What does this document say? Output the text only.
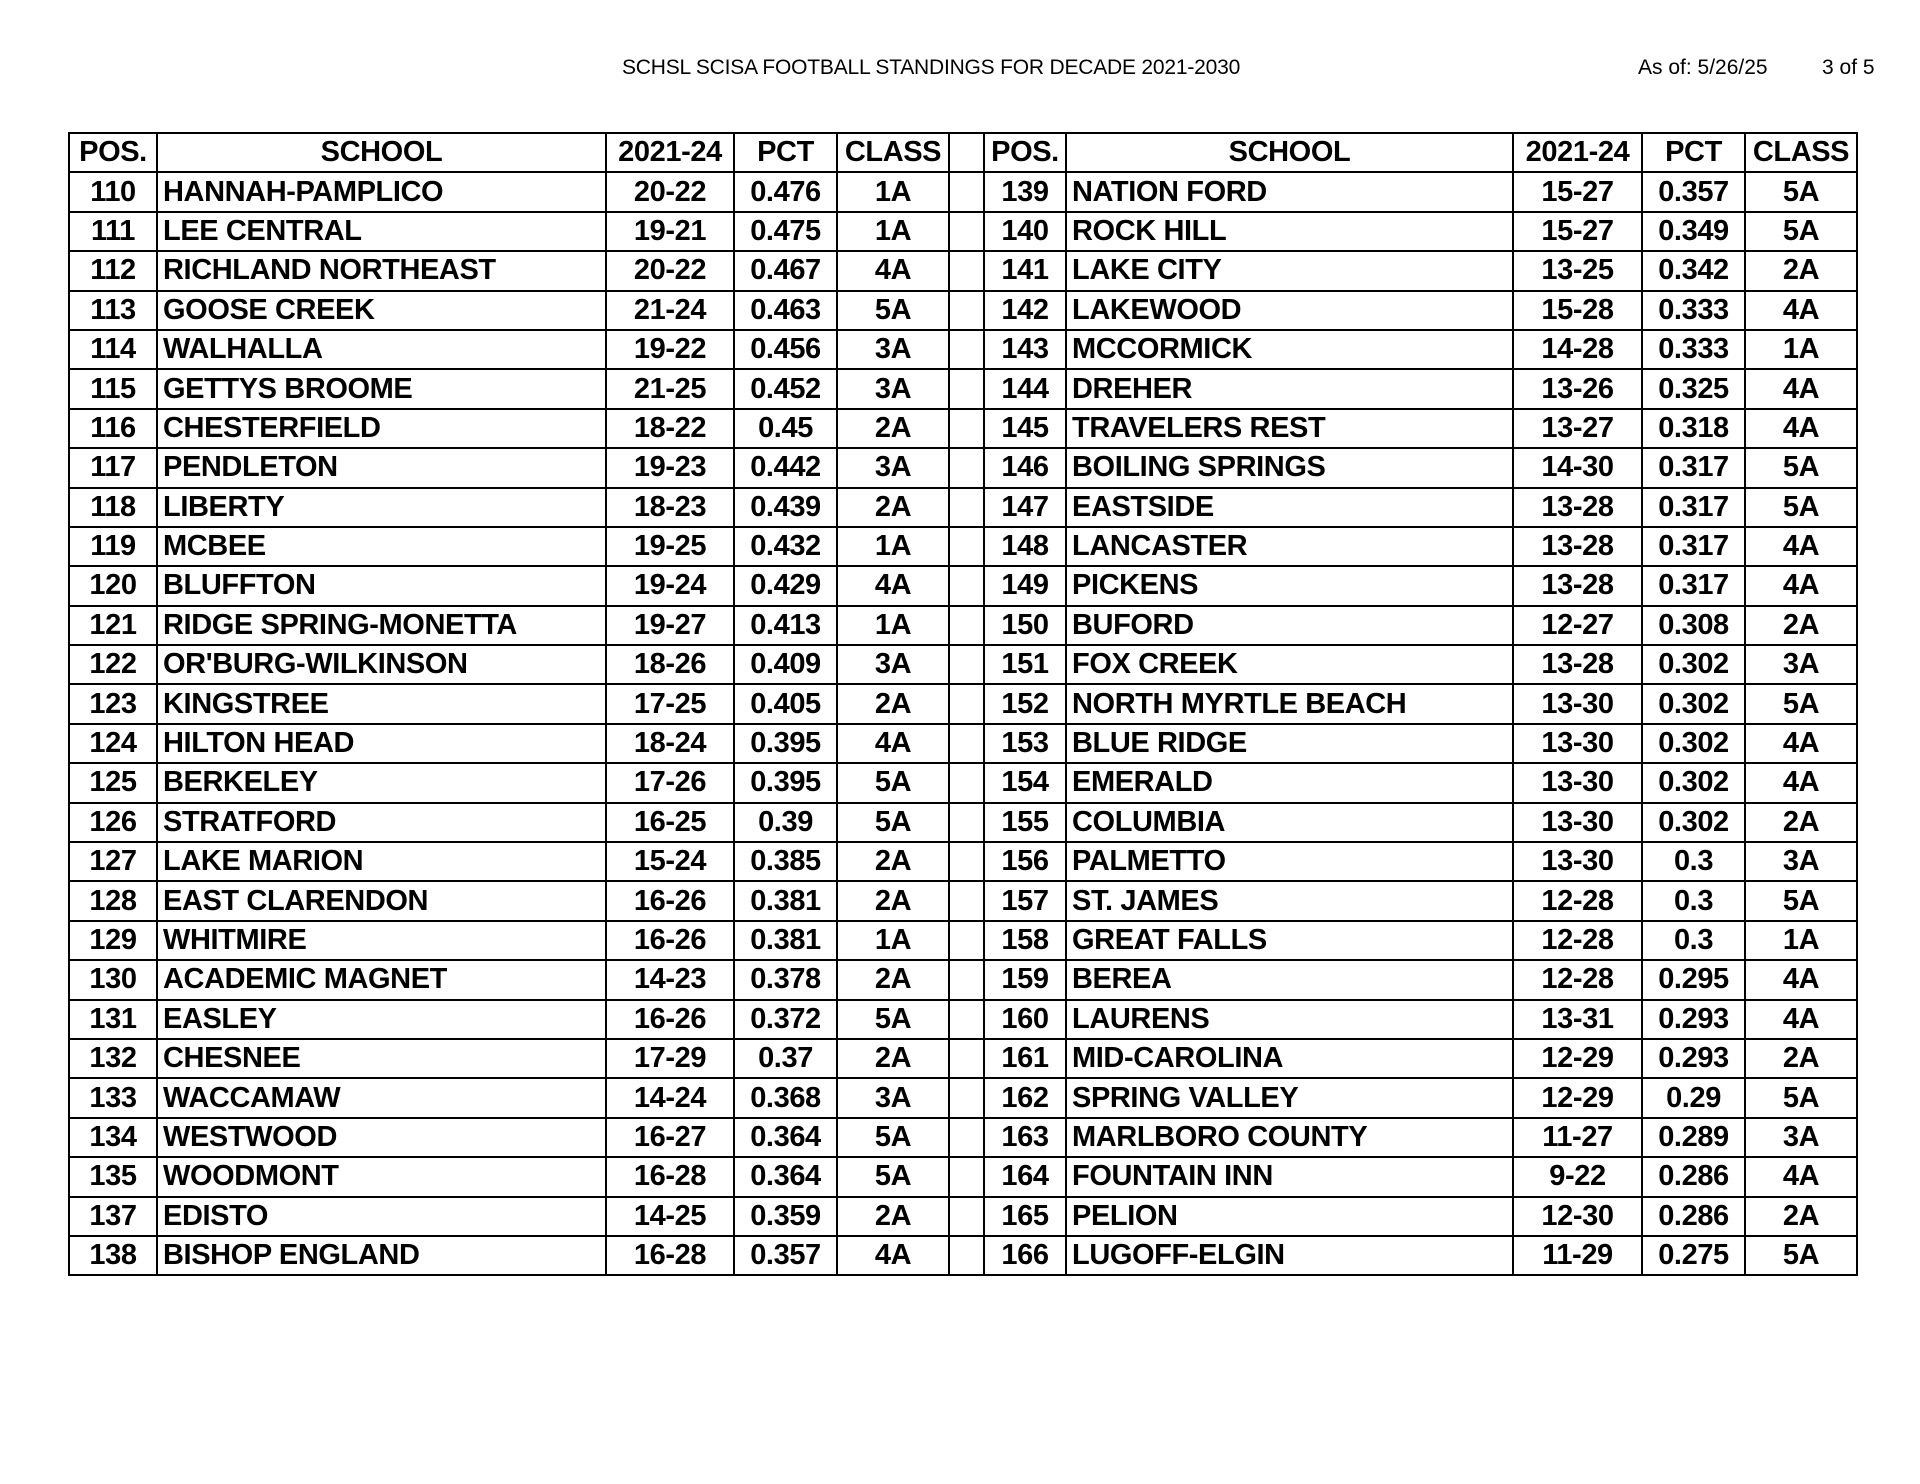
SCHSL SCISA FOOTBALL STANDINGS FOR DECADE 2021-2030	As of: 5/26/25	3 of 5
POS.	SCHOOL	2021-24	PCT	CLASS		POS.	SCHOOL	2021-24	PCT	CLASS
110	HANNAH-PAMPLICO	20-22	0.476	1A		139	NATION FORD	15-27	0.357	5A
111	LEE CENTRAL	19-21	0.475	1A		140	ROCK HILL	15-27	0.349	5A
112	RICHLAND NORTHEAST	20-22	0.467	4A		141	LAKE CITY	13-25	0.342	2A
113	GOOSE CREEK	21-24	0.463	5A		142	LAKEWOOD	15-28	0.333	4A
114	WALHALLA	19-22	0.456	3A		143	MCCORMICK	14-28	0.333	1A
115	GETTYS BROOME	21-25	0.452	3A		144	DREHER	13-26	0.325	4A
116	CHESTERFIELD	18-22	0.45	2A		145	TRAVELERS REST	13-27	0.318	4A
117	PENDLETON	19-23	0.442	3A		146	BOILING SPRINGS	14-30	0.317	5A
118	LIBERTY	18-23	0.439	2A		147	EASTSIDE	13-28	0.317	5A
119	MCBEE	19-25	0.432	1A		148	LANCASTER	13-28	0.317	4A
120	BLUFFTON	19-24	0.429	4A		149	PICKENS	13-28	0.317	4A
121	RIDGE SPRING-MONETTA	19-27	0.413	1A		150	BUFORD	12-27	0.308	2A
122	OR'BURG-WILKINSON	18-26	0.409	3A		151	FOX CREEK	13-28	0.302	3A
123	KINGSTREE	17-25	0.405	2A		152	NORTH MYRTLE BEACH	13-30	0.302	5A
124	HILTON HEAD	18-24	0.395	4A		153	BLUE RIDGE	13-30	0.302	4A
125	BERKELEY	17-26	0.395	5A		154	EMERALD	13-30	0.302	4A
126	STRATFORD	16-25	0.39	5A		155	COLUMBIA	13-30	0.302	2A
127	LAKE MARION	15-24	0.385	2A		156	PALMETTO	13-30	0.3	3A
128	EAST CLARENDON	16-26	0.381	2A		157	ST. JAMES	12-28	0.3	5A
129	WHITMIRE	16-26	0.381	1A		158	GREAT FALLS	12-28	0.3	1A
130	ACADEMIC MAGNET	14-23	0.378	2A		159	BEREA	12-28	0.295	4A
131	EASLEY	16-26	0.372	5A		160	LAURENS	13-31	0.293	4A
132	CHESNEE	17-29	0.37	2A		161	MID-CAROLINA	12-29	0.293	2A
133	WACCAMAW	14-24	0.368	3A		162	SPRING VALLEY	12-29	0.29	5A
134	WESTWOOD	16-27	0.364	5A		163	MARLBORO COUNTY	11-27	0.289	3A
135	WOODMONT	16-28	0.364	5A		164	FOUNTAIN INN	9-22	0.286	4A
137	EDISTO	14-25	0.359	2A		165	PELION	12-30	0.286	2A
138	BISHOP ENGLAND	16-28	0.357	4A		166	LUGOFF-ELGIN	11-29	0.275	5A
